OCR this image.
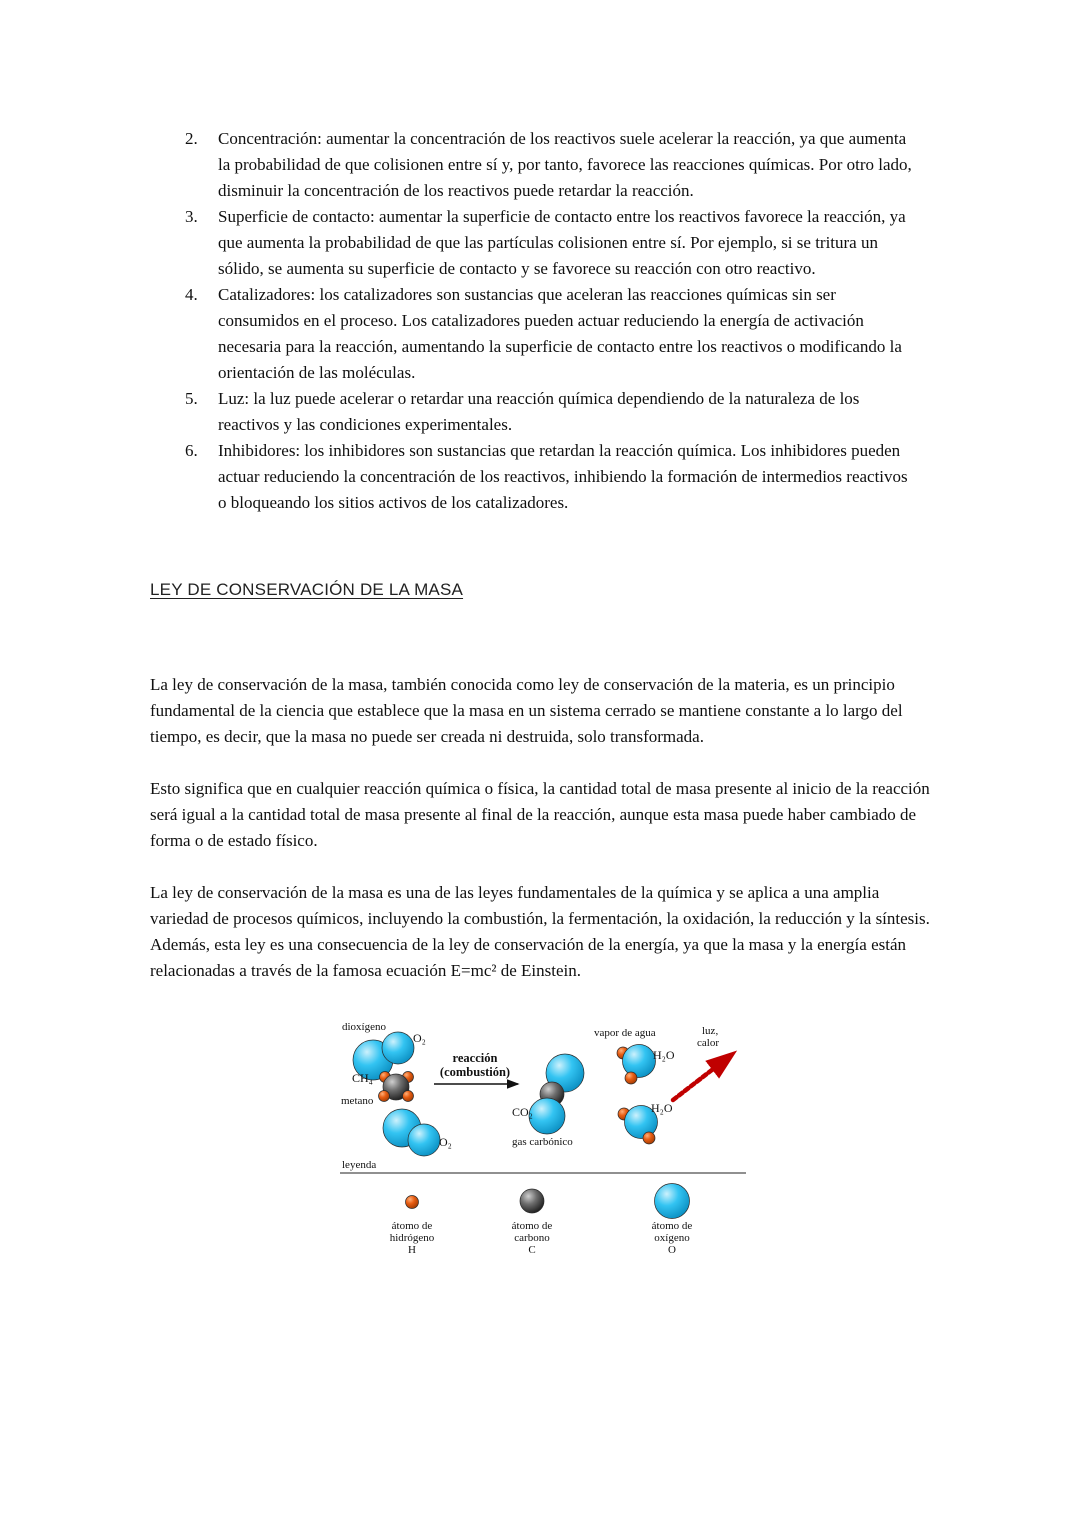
2.	Concentración: aumentar la concentración de los reactivos suele acelerar la reacción, ya que aumenta la probabilidad de que colisionen entre sí y, por tanto, favorece las reacciones químicas. Por otro lado, disminuir la concentración de los reactivos puede retardar la reacción.
3.	Superficie de contacto: aumentar la superficie de contacto entre los reactivos favorece la reacción, ya que aumenta la probabilidad de que las partículas colisionen entre sí. Por ejemplo, si se tritura un sólido, se aumenta su superficie de contacto y se favorece su reacción con otro reactivo.
4.	Catalizadores: los catalizadores son sustancias que aceleran las reacciones químicas sin ser consumidos en el proceso. Los catalizadores pueden actuar reduciendo la energía de activación necesaria para la reacción, aumentando la superficie de contacto entre los reactivos o modificando la orientación de las moléculas.
5.	Luz: la luz puede acelerar o retardar una reacción química dependiendo de la naturaleza de los reactivos y las condiciones experimentales.
6.	Inhibidores: los inhibidores son sustancias que retardan la reacción química. Los inhibidores pueden actuar reduciendo la concentración de los reactivos, inhibiendo la formación de intermedios reactivos o bloqueando los sitios activos de los catalizadores.
LEY DE CONSERVACIÓN DE LA MASA

La ley de conservación de la masa, también conocida como ley de conservación de la materia, es un principio fundamental de la ciencia que establece que la masa en un sistema cerrado se mantiene constante a lo largo del tiempo, es decir, que la masa no puede ser creada ni destruida, solo transformada.

Esto significa que en cualquier reacción química o física, la cantidad total de masa presente al inicio de la reacción será igual a la cantidad total de masa presente al final de la reacción, aunque esta masa puede haber cambiado de forma o de estado físico.

La ley de conservación de la masa es una de las leyes fundamentales de la química y se aplica a una amplia variedad de procesos químicos, incluyendo la combustión, la fermentación, la oxidación, la reducción y la síntesis. Además, esta ley es una consecuencia de la ley de conservación de la energía, ya que la masa y la energía están relacionadas a través de la famosa ecuación E=mc² de Einstein.

dioxígeno
O₂
CH₄
metano
O₂
reacción
(combustión)
CO₂
gas carbónico
vapor de agua
H₂O
H₂O
luz,
calor
leyenda
átomo de
hidrógeno
H
átomo de
carbono
C
átomo de
oxígeno
O
